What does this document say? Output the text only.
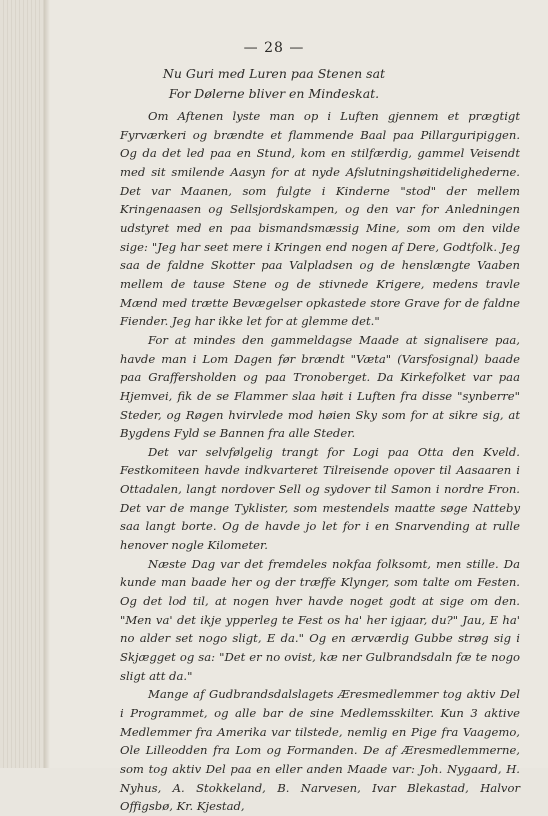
— 28 —
Nu Guri med Luren paa Stenen sat
For Dølerne bliver en Mindeskat.

Om Aftenen lyste man op i Luften gjennem et prægtigt Fyrværkeri og brændte et flammende Baal paa Pillarguripiggen. Og da det led paa en Stund, kom en stilfærdig, gammel Veisendt med sit smilende Aasyn for at nyde Afslutningshøitidelighederne. Det var Maanen, som fulgte i Kinderne "stod" der mellem Kringenaasen og Sellsjordskampen, og den var for Anledningen udstyret med en paa bismandsmæssig Mine, som om den vilde sige: "Jeg har seet mere i Kringen end nogen af Dere, Godtfolk. Jeg saa de faldne Skotter paa Valpladsen og de henslængte Vaaben mellem de tause Stene og de stivnede Krigere, medens travle Mænd med trætte Bevægelser opkastede store Grave for de faldne Fiender. Jeg har ikke let for at glemme det."

For at mindes den gammeldagse Maade at signalisere paa, havde man i Lom Dagen før brændt "Væta" (Varsfosignal) baade paa Graffersholden og paa Tronoberget. Da Kirkefolket var paa Hjemvei, fik de se Flammer slaa høit i Luften fra disse "synberre" Steder, og Røgen hvirvlede mod høien Sky som for at sikre sig, at Bygdens Fyld se Bannen fra alle Steder.

Det var selvfølgelig trangt for Logi paa Otta den Kveld. Festkomiteen havde indkvarteret Tilreisende opover til Aasaaren i Ottadalen, langt nordover Sell og sydover til Samon i nordre Fron. Det var de mange Tyklister, som mestendels maatte søge Natteby saa langt borte. Og de havde jo let for i en Snarvending at rulle henover nogle Kilometer.

Næste Dag var det fremdeles nokfaa folksomt, men stille. Da kunde man baade her og der træffe Klynger, som talte om Festen. Og det lod til, at nogen hver havde noget godt at sige om den. "Men va' det ikje ypperleg te Fest os ha' her igjaar, du?" Jau, E ha' no alder set nogo sligt, E da." Og en ærværdig Gubbe strøg sig i Skjægget og sa: "Det er no ovist, kæ ner Gulbrandsdaln fæ te nogo sligt att da."

Mange af Gudbrandsdalslagets Æresmedlemmer tog aktiv Del i Programmet, og alle bar de sine Medlemsskilter. Kun 3 aktive Medlemmer fra Amerika var tilstede, nemlig en Pige fra Vaagemo, Ole Lilleodden fra Lom og Formanden. De af Æresmedlemmerne, som tog aktiv Del paa en eller anden Maade var: Joh. Nygaard, H. Nyhus, A. Stokkeland, B. Narvesen, Ivar Blekastad, Halvor Offigsbø, Kr. Kjestad,
